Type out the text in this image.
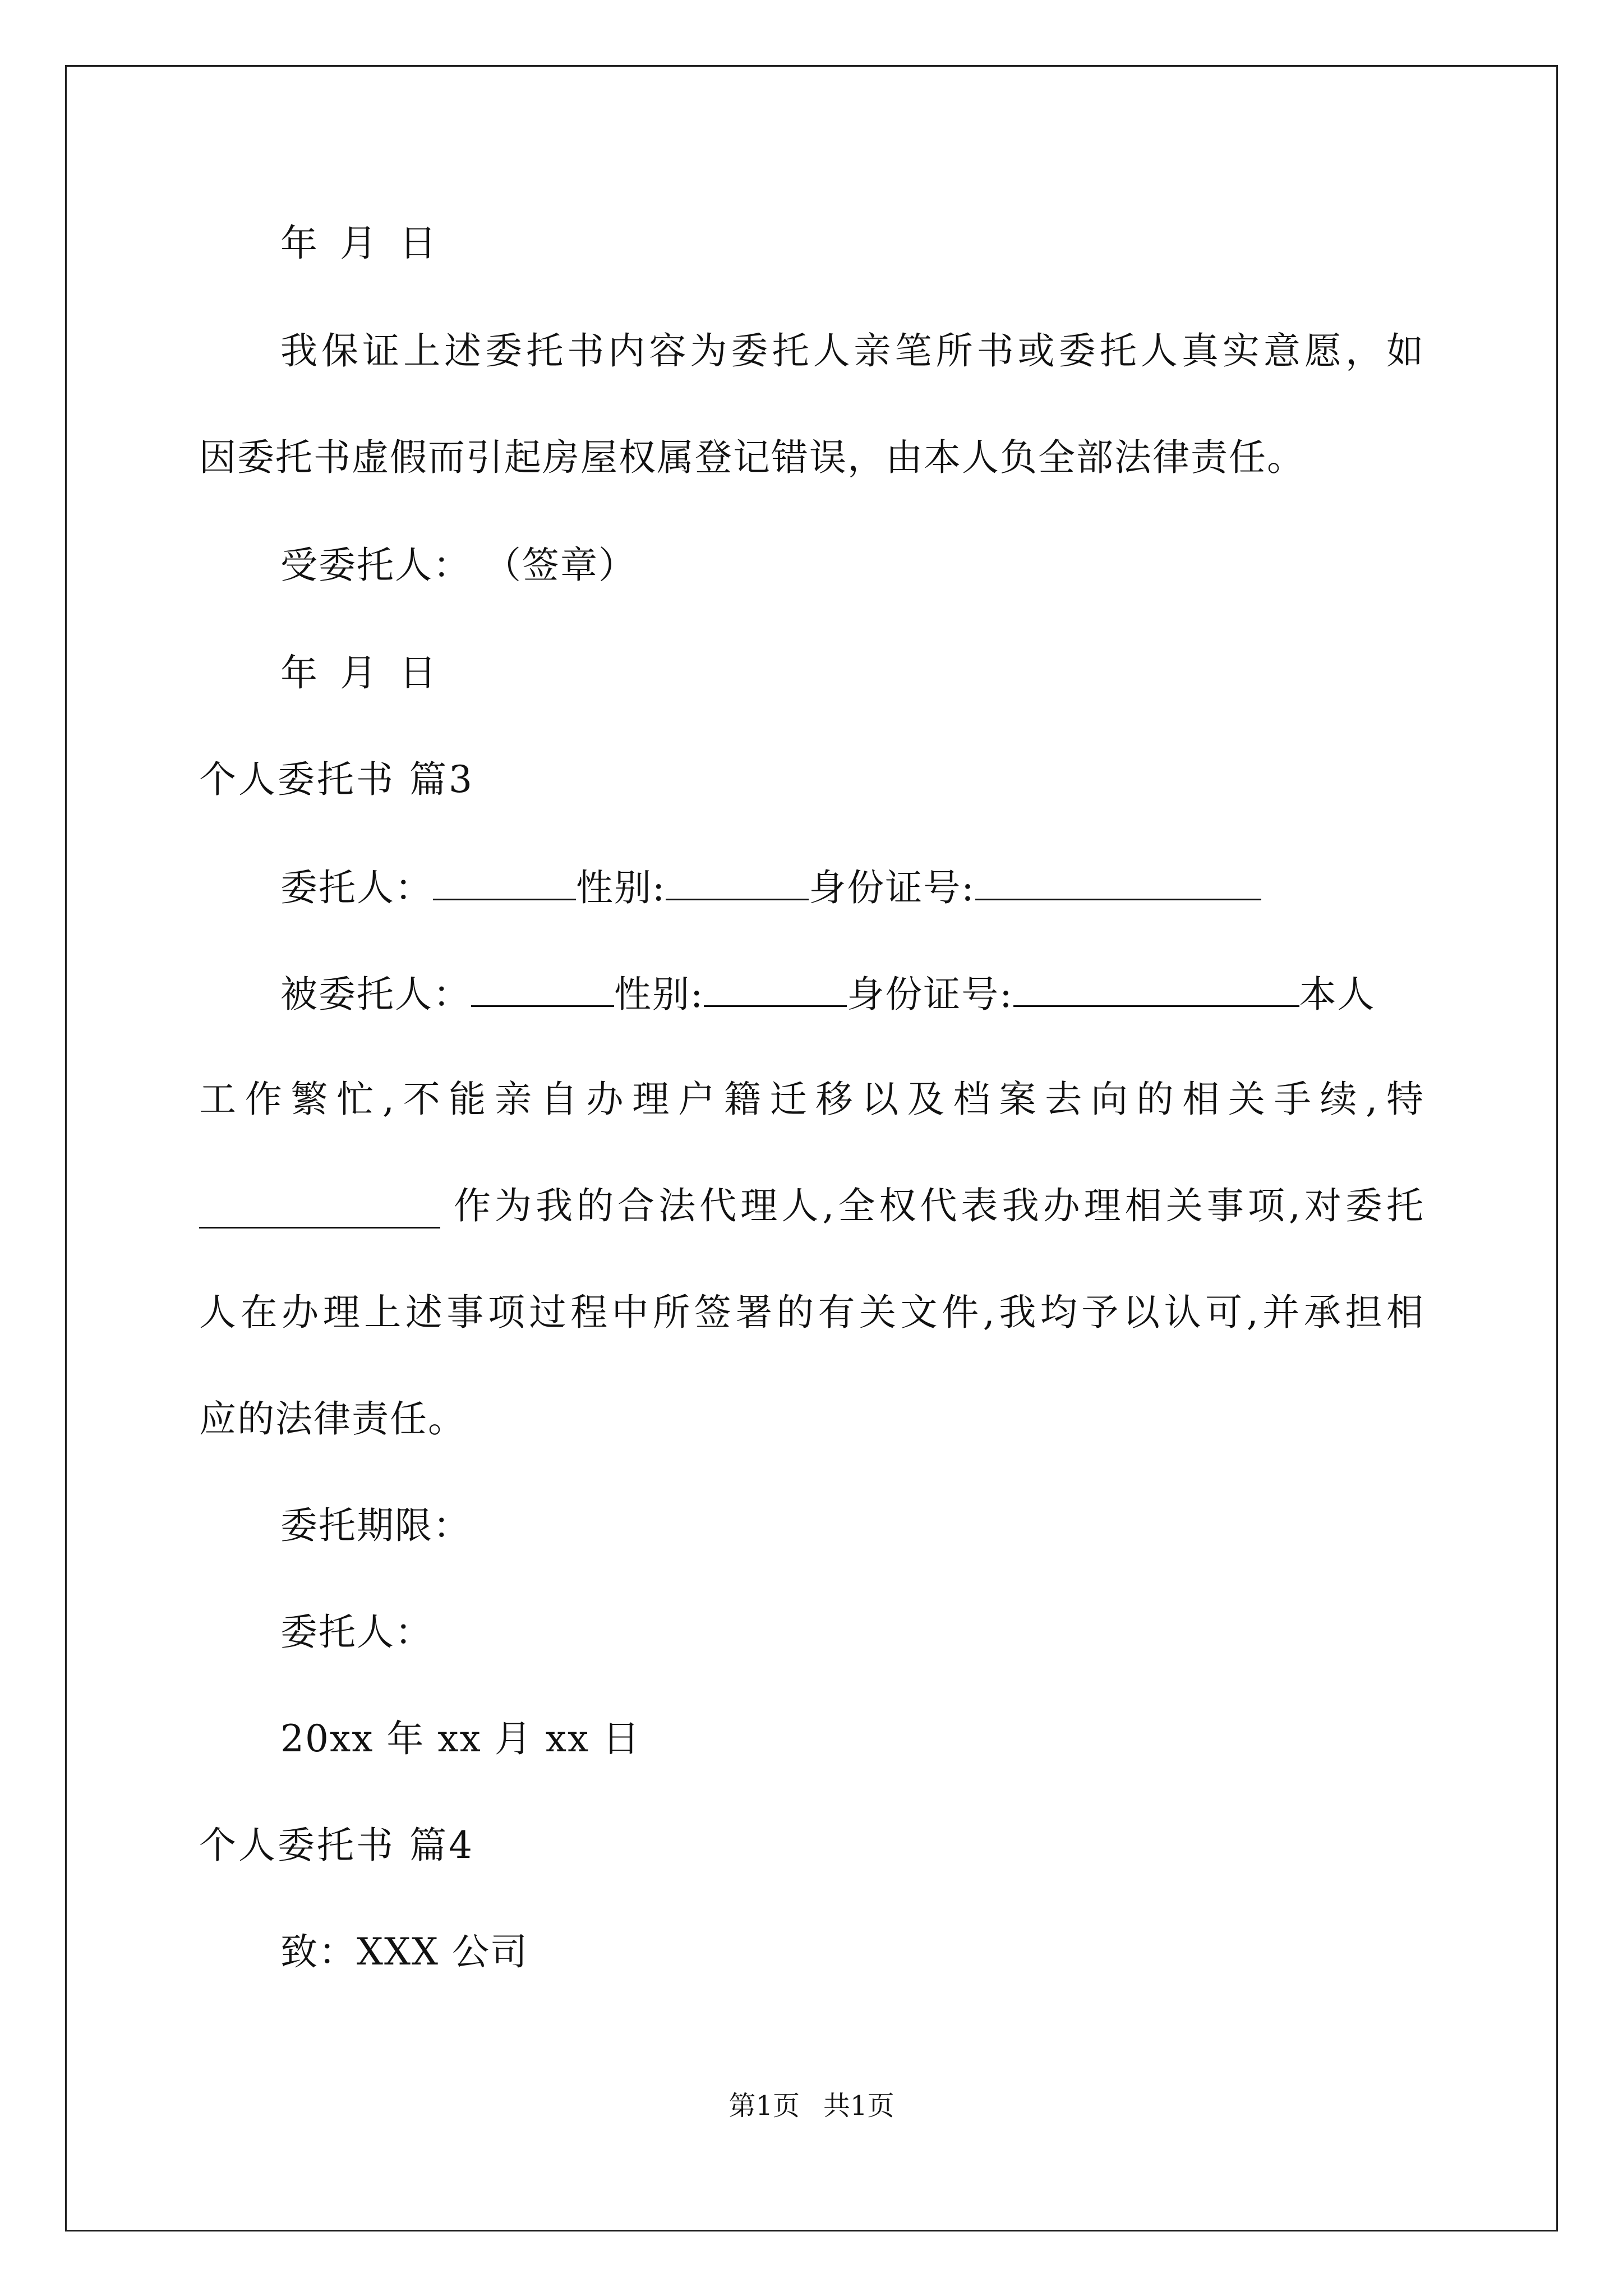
年 月 日
我保证上述委托书内容为委托人亲笔所书或委托人真实意愿，如
因委托书虚假而引起房屋权属登记错误，由本人负全部法律责任。
受委托人： （签章）
年 月 日
个人委托书 篇3
委托人：	性别:	身份证号:
被委托人：	性别:	身份证号:	本人
工作繁忙,不能亲自办理户籍迁移以及档案去向的相关手续,特
作为我的合法代理人,全权代表我办理相关事项,对委托
人在办理上述事项过程中所签署的有关文件,我均予以认可,并承担相
应的法律责任。
委托期限：
委托人：
20xx 年 xx 月 xx 日
个人委托书 篇4
致：XXX 公司
第1页 共1页
